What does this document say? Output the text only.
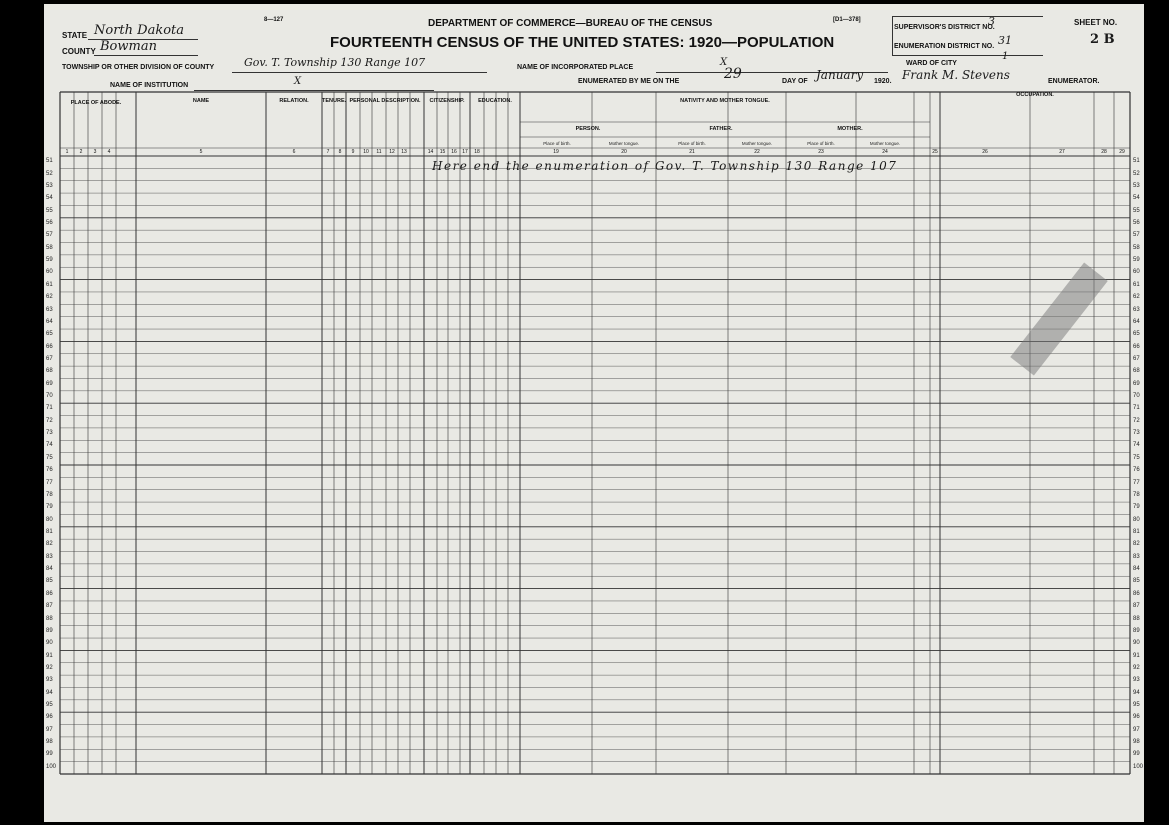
8—127	DEPARTMENT OF COMMERCE—BUREAU OF THE CENSUS	[D1—378]
FOURTEENTH CENSUS OF THE UNITED STATES: 1920—POPULATION
STATE North Dakota
COUNTY Bowman
TOWNSHIP OR OTHER DIVISION OF COUNTY	Gov. T. Township 130 Range 107	NAME OF INCORPORATED PLACE	X
NAME OF INSTITUTION	X	ENUMERATED BY ME ON THE	29	DAY OF January 1920. Frank M. Stevens	ENUMERATOR.
SUPERVISOR'S DISTRICT NO.
3
ENUMERATION DISTRICT NO. 31
WARD OF CITY
1
SHEET NO.
2 B
PLACE OF ABODE.	NAME	RELATION.	TENURE. PERSONAL DESCRIPTION.	CITIZENSHIP.	EDUCATION.	NATIVITY AND MOTHER TONGUE.
OCCUPATION.
PERSON.	FATHER.	MOTHER.
Place of birth.	Mother tongue.	Place of birth.	Mother tongue.	Place of birth.	Mother tongue.
1	2	3	4	5	6	7	8	9	10	11	12	13	14	15	16	17	18	19	20	21	22	23	24	25	26	27	28	29
51	51
52	52
53	53
54	54
55	55
56	56
57	57
58	58
59	59
60	60
61	61
62	62
63	63
64	64
65	65
66	66
67	67
68	68
69	69
70	70
71	71
72	72
73	73
74	74
75	75
76	76
77	77
78	78
79	79
80	80
81	81
82	82
83	83
84	84
85	85
86	86
87	87
88	88
89	89
90	90
91	91
92	92
93	93
94	94
95	95
96	96
97	97
98	98
99	99
100	100
Here end the enumeration of Gov. T. Township 130 Range 107
